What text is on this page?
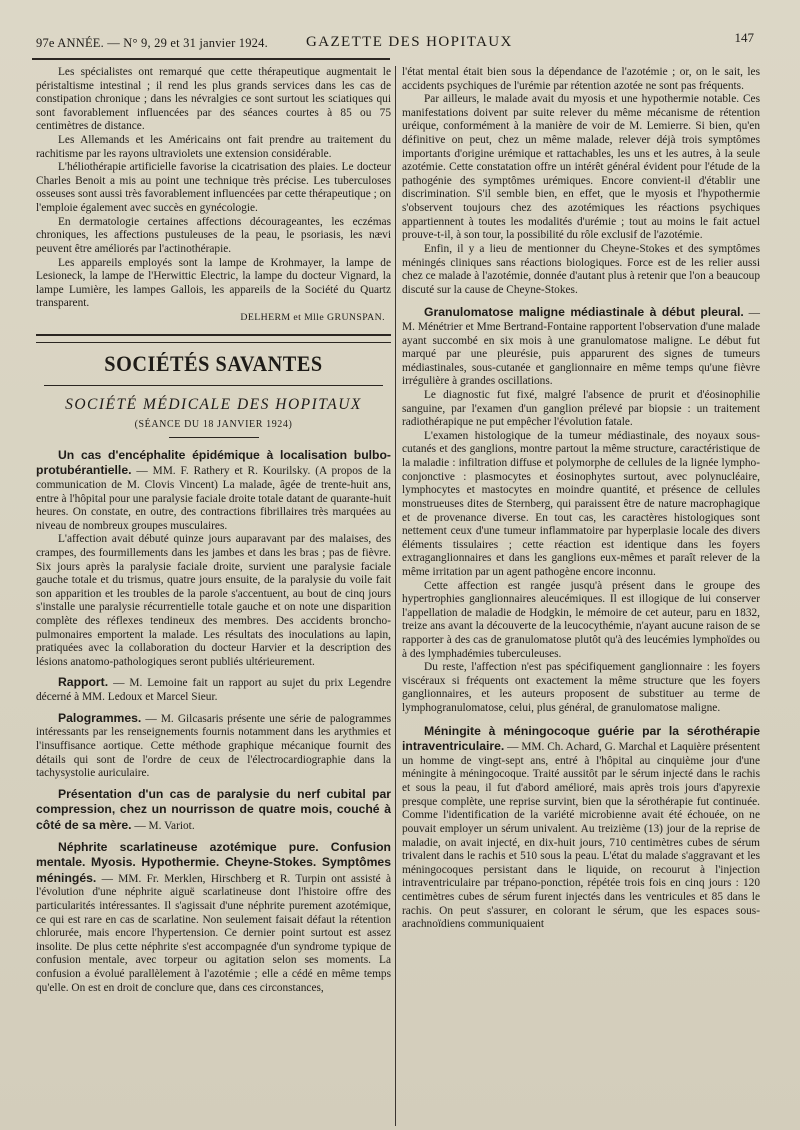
97e ANNÉE. — N° 9, 29 et 31 janvier 1924.	GAZETTE DES HOPITAUX	147

Les spécialistes ont remarqué que cette thérapeutique augmentait le péristaltisme intestinal ; il rend les plus grands services dans les cas de constipation chronique ; dans les névralgies ce sont surtout les sciatiques qui sont favorablement influencées par des séances courtes à 85 ou 75 centimètres de distance.

Les Allemands et les Américains ont fait prendre au traitement du rachitisme par les rayons ultraviolets une extension considérable.

L'héliothérapie artificielle favorise la cicatrisation des plaies. Le docteur Charles Benoit a mis au point une technique très précise. Les tuberculoses osseuses sont aussi très favorablement influencées par cette thérapeutique ; on l'emploie également avec succès en gynécologie.

En dermatologie certaines affections décourageantes, les eczémas chroniques, les affections pustuleuses de la peau, le psoriasis, les nævi peuvent être améliorés par l'actinothérapie.

Les appareils employés sont la lampe de Krohmayer, la lampe de Lesioneck, la lampe de l'Herwittic Electric, la lampe du docteur Vignard, la lampe Lumière, les lampes Gallois, les appareils de la Société du Quartz transparent.

DELHERM et Mlle GRUNSPAN.
SOCIÉTÉS SAVANTES
SOCIÉTÉ MÉDICALE DES HOPITAUX
(SÉANCE DU 18 JANVIER 1924)

Un cas d'encéphalite épidémique à localisation bulbo-protubérantielle. — MM. F. Rathery et R. Kourilsky. (A propos de la communication de M. Clovis Vincent) La malade, âgée de trente-huit ans, entre à l'hôpital pour une paralysie faciale droite totale datant de quarante-huit heures. On constate, en outre, des contractions fibrillaires très marquées au niveau de nombreux groupes musculaires.

L'affection avait débuté quinze jours auparavant par des malaises, des crampes, des fourmillements dans les jambes et dans les bras ; pas de fièvre. Six jours après la paralysie faciale droite, survient une paralysie faciale gauche totale et du trismus, quatre jours ensuite, de la paralysie du voile fait son apparition et les troubles de la parole s'accentuent, au bout de cinq jours s'installe une paralysie récurrentielle totale gauche et on note une disparition complète des réflexes tendineux des membres. Des accidents broncho-pulmonaires emportent la malade. Les résultats des inoculations au lapin, pratiquées avec la collaboration du docteur Harvier et la description des lésions anatomo-pathologiques seront publiés ultérieurement.

Rapport. — M. Lemoine fait un rapport au sujet du prix Legendre décerné à MM. Ledoux et Marcel Sieur.

Palogrammes. — M. Gilcasaris présente une série de palogrammes intéressants par les renseignements fournis notamment dans les arythmies et l'insuffisance aortique. Cette méthode graphique mécanique fournit des détails qui sont de l'ordre de ceux de l'électrocardiographie dans la tachysystolie auriculaire.

Présentation d'un cas de paralysie du nerf cubital par compression, chez un nourrisson de quatre mois, couché à côté de sa mère. — M. Variot.

Néphrite scarlatineuse azotémique pure. Confusion mentale. Myosis. Hypothermie. Cheyne-Stokes. Symptômes méningés. — MM. Fr. Merklen, Hirschberg et R. Turpin ont assisté à l'évolution d'une néphrite aiguë scarlatineuse dont l'histoire offre des particularités intéressantes. Il s'agissait d'une néphrite purement azotémique, ce qui est rare en cas de scarlatine. Non seulement faisait défaut la rétention chlorurée, mais encore l'hypertension. Ce dernier point surtout est assez insolite. De plus cette néphrite s'est accompagnée d'un syndrome typique de confusion mentale, avec torpeur ou agitation selon ses moments. La confusion a évolué parallèlement à l'azotémie ; elle a cédé en même temps qu'elle. On est en droit de conclure que, dans ces circonstances,

l'état mental était bien sous la dépendance de l'azotémie ; or, on le sait, les accidents psychiques de l'urémie par rétention azotée ne sont pas fréquents.

Par ailleurs, le malade avait du myosis et une hypothermie notable. Ces manifestations doivent par suite relever du même mécanisme de rétention uréique, conformément à la manière de voir de M. Lemierre. Si bien, qu'en définitive on peut, chez un même malade, relever déjà trois symptômes importants d'origine urémique et rattachables, les uns et les autres, à la seule azotémie. Cette constatation offre un intérêt général évident pour l'étude de la pathogénie des symptômes urémiques. Encore convient-il d'établir une discrimination. S'il semble bien, en effet, que le myosis et l'hypothermie s'observent toujours chez des azotémiques les réactions psychiques appartiennent à toutes les modalités d'urémie ; tout au moins le fait actuel prouve-t-il, à son tour, la possibilité du rôle exclusif de l'azotémie.

Enfin, il y a lieu de mentionner du Cheyne-Stokes et des symptômes méningés cliniques sans réactions biologiques. Force est de les relier aussi chez ce malade à l'azotémie, donnée d'autant plus à retenir que l'on a beaucoup discuté sur la cause de Cheyne-Stokes.

Granulomatose maligne médiastinale à début pleural. — M. Ménétrier et Mme Bertrand-Fontaine rapportent l'observation d'une malade ayant succombé en six mois à une granulomatose maligne. Le début fut marqué par une pleurésie, puis apparurent des signes de tumeurs médiastinales, sous-cutanée et ganglionnaire en même temps qu'une fièvre irrégulière à grandes oscillations.

Le diagnostic fut fixé, malgré l'absence de prurit et d'éosinophilie sanguine, par l'examen d'un ganglion prélevé par biopsie : un traitement radiothérapique ne put empêcher l'évolution fatale.

L'examen histologique de la tumeur médiastinale, des noyaux sous-cutanés et des ganglions, montre partout la même structure, caractéristique de la maladie : infiltration diffuse et polymorphe de cellules de la lignée lympho-conjonctive : plasmocytes et éosinophytes surtout, avec polynucléaire, lymphocytes et mastocytes en moindre quantité, et présence de cellules monstrueuses dites de Sternberg, qui paraissent être de nature macrophagique et de provenance diverse. En tout cas, les caractères histologiques sont nettement ceux d'une tumeur inflammatoire par hyperplasie locale des divers éléments tissulaires ; cette réaction est identique dans les foyers extraganglionnaires et dans les ganglions eux-mêmes et paraît relever de la même irritation par un agent pathogène encore inconnu.

Cette affection est rangée jusqu'à présent dans le groupe des hypertrophies ganglionnaires aleucémiques. Il est illogique de lui conserver l'appellation de maladie de Hodgkin, le mémoire de cet auteur, paru en 1832, treize ans avant la découverte de la leucocythémie, n'ayant aucune raison de se rapporter à des cas de granulomatose plutôt qu'à des leucémies lymphoïdes ou à des lymphadémies tuberculeuses.

Du reste, l'affection n'est pas spécifiquement ganglionnaire : les foyers viscéraux si fréquents ont exactement la même structure que les foyers ganglionnaires, et les auteurs proposent de substituer au terme de lymphogranulomatose, celui, plus général, de granulomatose maligne.

Méningite à méningocoque guérie par la sérothérapie intraventriculaire. — MM. Ch. Achard, G. Marchal et Laquière présentent un homme de vingt-sept ans, entré à l'hôpital au cinquième jour d'une méningite à méningocoque. Traité aussitôt par le sérum injecté dans le rachis et sous la peau, il fut d'abord amélioré, mais après trois jours d'apyrexie presque complète, une reprise survint, bien que la sérothérapie fut continuée. Comme l'identification de la variété microbienne avait été échouée, on ne pouvait employer un sérum univalent. Au treizième (13) jour de la reprise de maladie, on avait injecté, en dix-huit jours, 710 centimètres cubes de sérum trivalent dans le rachis et 510 sous la peau. L'état du malade s'aggravant et les méningocoques persistant dans le liquide, on recourut à l'injection intraventriculaire par trépano-ponction, répétée trois fois en cinq jours : 120 centimètres cubes de sérum furent injectés dans les ventricules et 85 dans le rachis. On peut s'assurer, en colorant le sérum, que les espaces sous-arachnoïdiens communiquaient
